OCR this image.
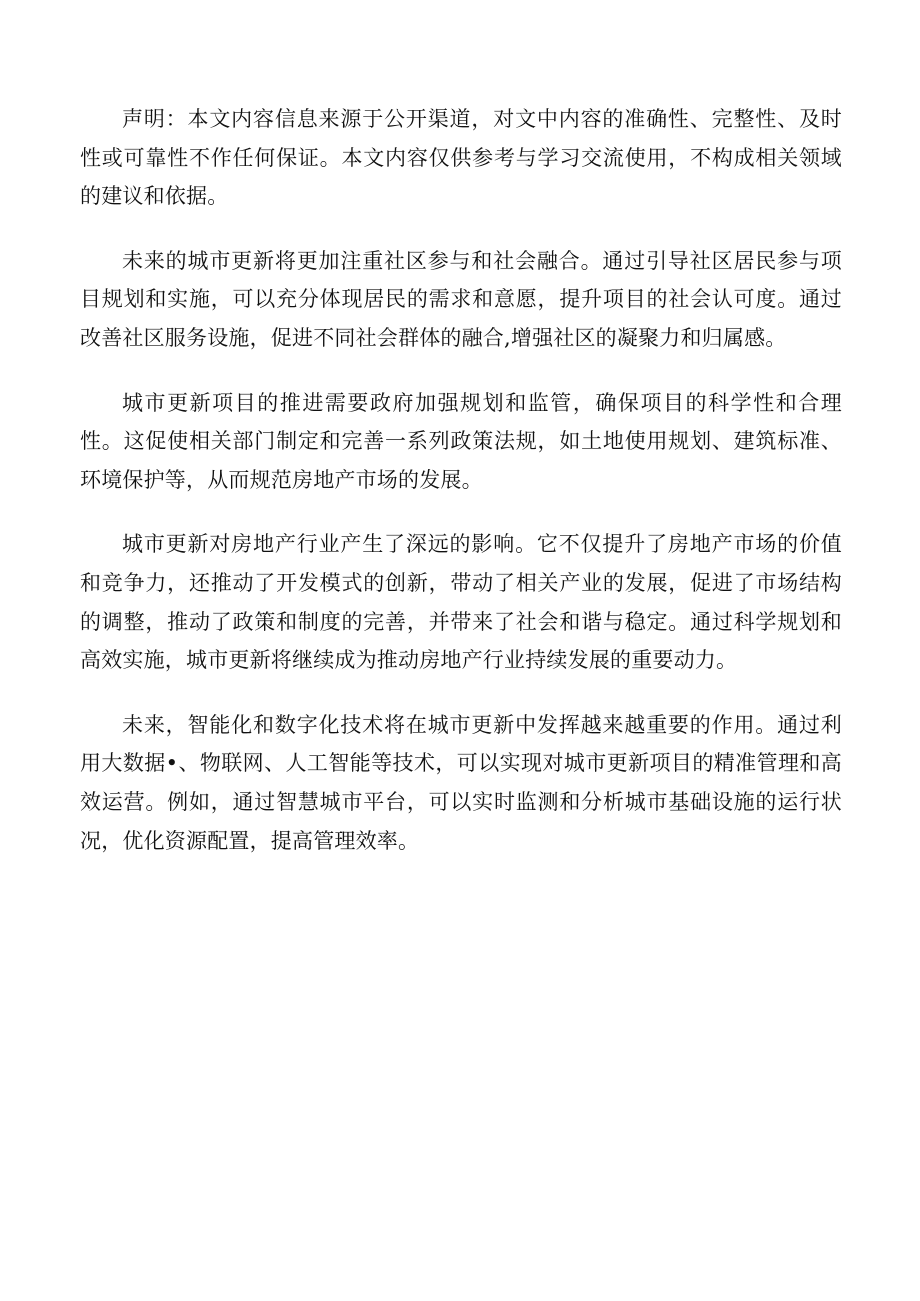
声明：本文内容信息来源于公开渠道，对文中内容的准确性、完整性、及时性或可靠性不作任何保证。本文内容仅供参考与学习交流使用，不构成相关领域的建议和依据。

未来的城市更新将更加注重社区参与和社会融合。通过引导社区居民参与项目规划和实施，可以充分体现居民的需求和意愿，提升项目的社会认可度。通过改善社区服务设施，促进不同社会群体的融合,增强社区的凝聚力和归属感。

城市更新项目的推进需要政府加强规划和监管，确保项目的科学性和合理性。这促使相关部门制定和完善一系列政策法规，如土地使用规划、建筑标准、环境保护等，从而规范房地产市场的发展。

城市更新对房地产行业产生了深远的影响。它不仅提升了房地产市场的价值和竞争力，还推动了开发模式的创新，带动了相关产业的发展，促进了市场结构的调整，推动了政策和制度的完善，并带来了社会和谐与稳定。通过科学规划和高效实施，城市更新将继续成为推动房地产行业持续发展的重要动力。

未来，智能化和数字化技术将在城市更新中发挥越来越重要的作用。通过利用大数据•、物联网、人工智能等技术，可以实现对城市更新项目的精准管理和高效运营。例如，通过智慧城市平台，可以实时监测和分析城市基础设施的运行状况，优化资源配置，提高管理效率。
